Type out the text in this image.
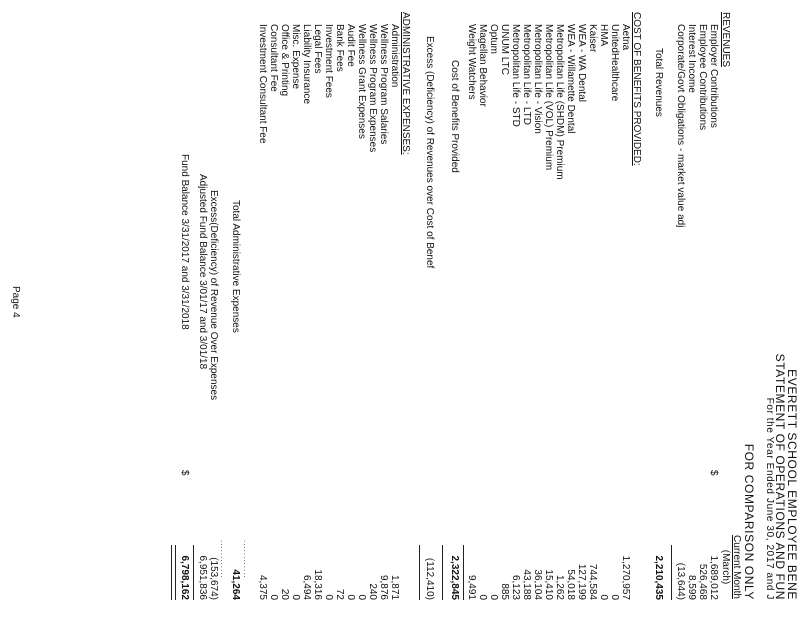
EVERETT SCHOOL EMPLOYEE BENE
STATEMENT OF OPERATIONS AND FUN
For the Year Ended June 30, 2017 and J
FOR COMPARISON ONLY
Current Month
(March)
REVENUES
$
Employer Contributions
1,689,012
Employee Contributions
526,468
Interest Income
8,599
Corporate/Govt Obligations - market value adj
(13,644)
Total Revenues
2,210,435
COST OF BENEFITS PROVIDED:
Aetna
1,270,957
UnitedHealthcare
0
HMA
0
Kaiser
744,584
WEA - WA Dental
127,199
WEA - Willamette Dental
54,018
Metropolitan Life (SHDM) Premium
1,262
Metropolitan Life (VOL) Premium
15,410
Metropolitan Life - Vision
36,104
Metropolitan Life - LTD
43,188
Metropolitan Life - STD
6,123
UNUM LTC
885
Optum
0
Magellan Behavior
0
Weight Watchers
9,491
Cost of Benefits Provided
2,322,845
Excess (Deficiency) of Revenues over Cost of Benef
(112,410)
ADMINISTRATIVE EXPENSES:
Administration
1,871
Wellness Program Salaries
9,876
Wellness Program Expenses
240
Wellness Grant Expenses
0
Audit Fee
0
Bank Fees
72
Investment Fees
0
Legal Fees
18,316
Liability Insurance
6,494
Misc. Expense
0
Office & Printing
20
Consultant Fee
0
Investment Consultant Fee
4,375
............
Total Administrative Expenses
41,264
............
Excess(Deficiency) of Revenue Over Expenses
(153,674)
Adjusted Fund Balance 3/01/17 and 3/01/18
6,951,836
Fund Balance 3/31/2017 and 3/31/2018
$
6,798,162
Page 4
